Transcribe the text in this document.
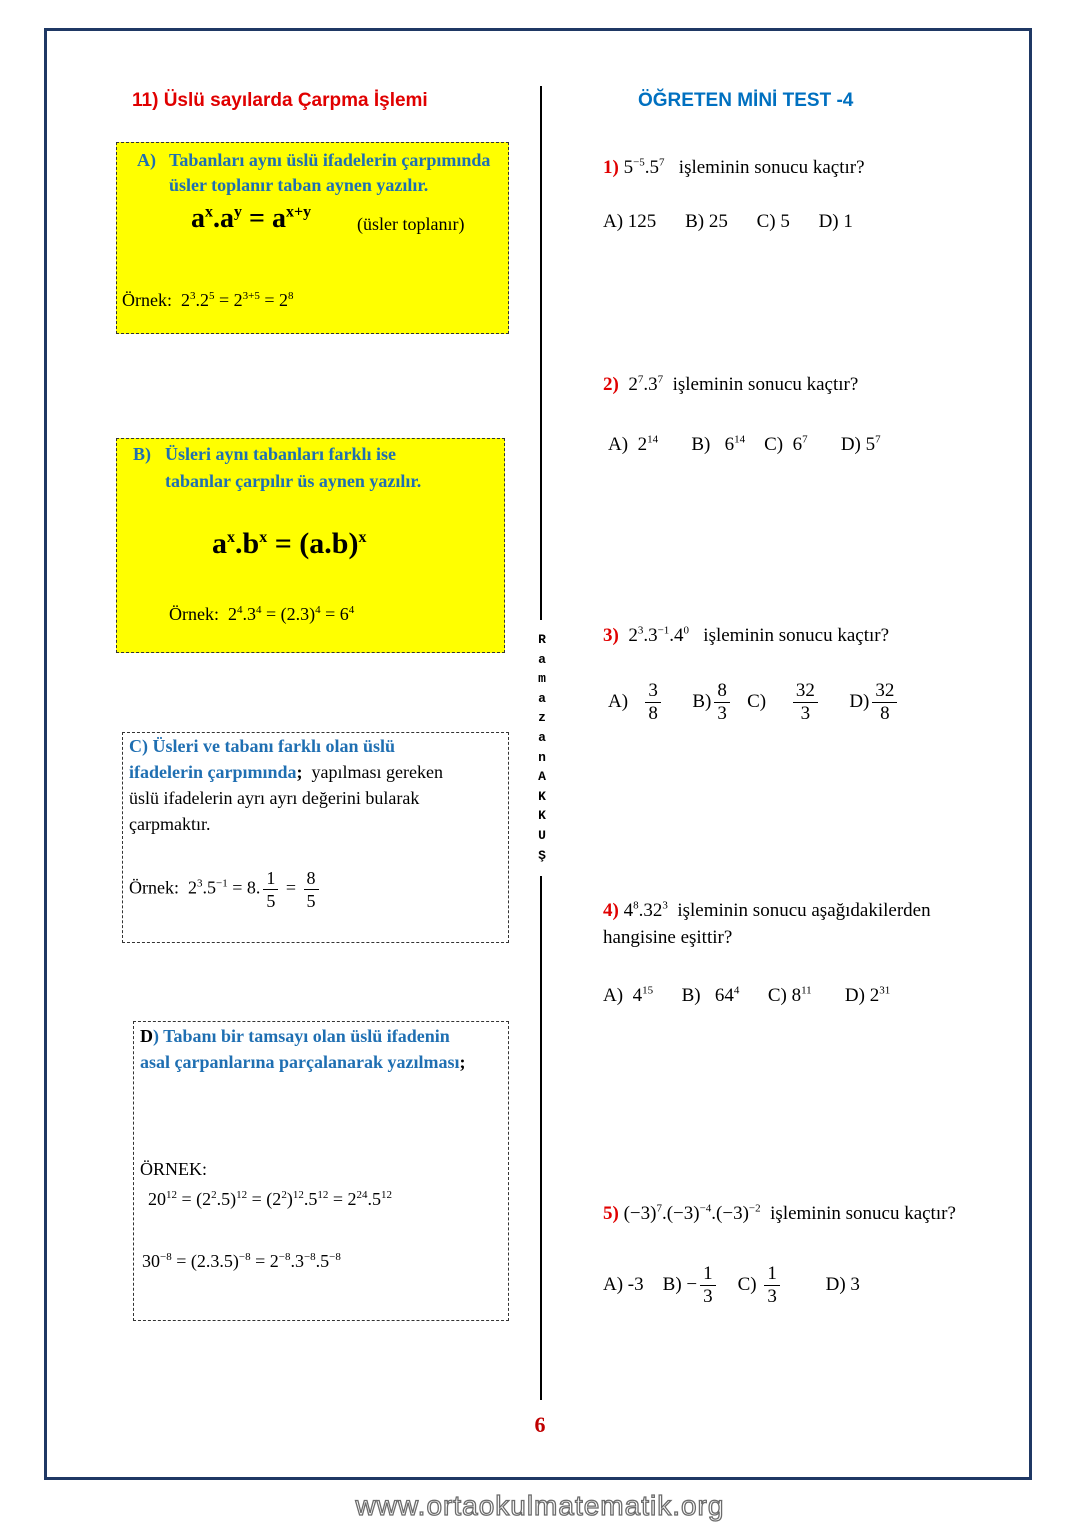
11) Üslü sayılarda Çarpma İşlemi	ÖĞRETEN MİNİ TEST -4
R
a
m
a
z
a
n
A
K
K
U
Ş
A) Tabanları aynı üslü ifadelerin çarpımında
üsler toplanır taban aynen yazılır.
$a^x.a^y = a^{x+y}$
(üsler toplanır)
Örnek:  $2^3.2^5 = 2^{3+5} = 2^8$
B) Üsleri aynı tabanları farklı ise
tabanlar çarpılır üs aynen yazılır.
$a^x.b^x = (a.b)^x$
Örnek:  $2^4.3^4 = (2.3)^4 = 6^4$
C) Üsleri ve tabanı farklı olan üslü
ifadelerin çarpımında; yapılması gereken
üslü ifadelerin ayrı ayrı değerini bularak
çarpmaktır.
Örnek:  $2^3.5^{-1} = 8$. $\frac{1}{5} = \frac{8}{5}$
D) Tabanı bir tamsayı olan üslü ifadenin
asal çarpanlarına parçalanarak yazılması;
ÖRNEK:
$20^{12} = (2^2.5)^{12} = (2^2)^{12}.5^{12} = 2^{24}.5^{12}$
$30^{-8} = (2.3.5)^{-8} = 2^{-8}.3^{-8}.5^{-8}$
1) $5^{-5}.5^7$ işleminin sonucu kaçtır?
A) 125 B) 25 C) 5 D) 1
2)  $2^7.3^7$ işleminin sonucu kaçtır?
A)  $2^{14}$ B)   $6^{14}$ C)  $6^7$ D) $5^7$
3)  $2^3.3^{-1}.4^0$ işleminin sonucu kaçtır?
$A) \frac{3}{8} B) \frac{8}{3} C) \frac{32}{3} D) \frac{32}{8}$
4) $4^8.32^3$ işleminin sonucu aşağıdakilerden
hangisine eşittir?
A)  $4^{15}$ B)   $64^4$ C) $8^{11}$ D) $2^{31}$
5) $(-3)^7.(-3)^{-4}.(-3)^{-2}$ işleminin sonucu kaçtır?
A) -3 $B) - \frac{1}{3} C) \frac{1}{3} D$) 3
6
www.ortaokulmatematik.org
